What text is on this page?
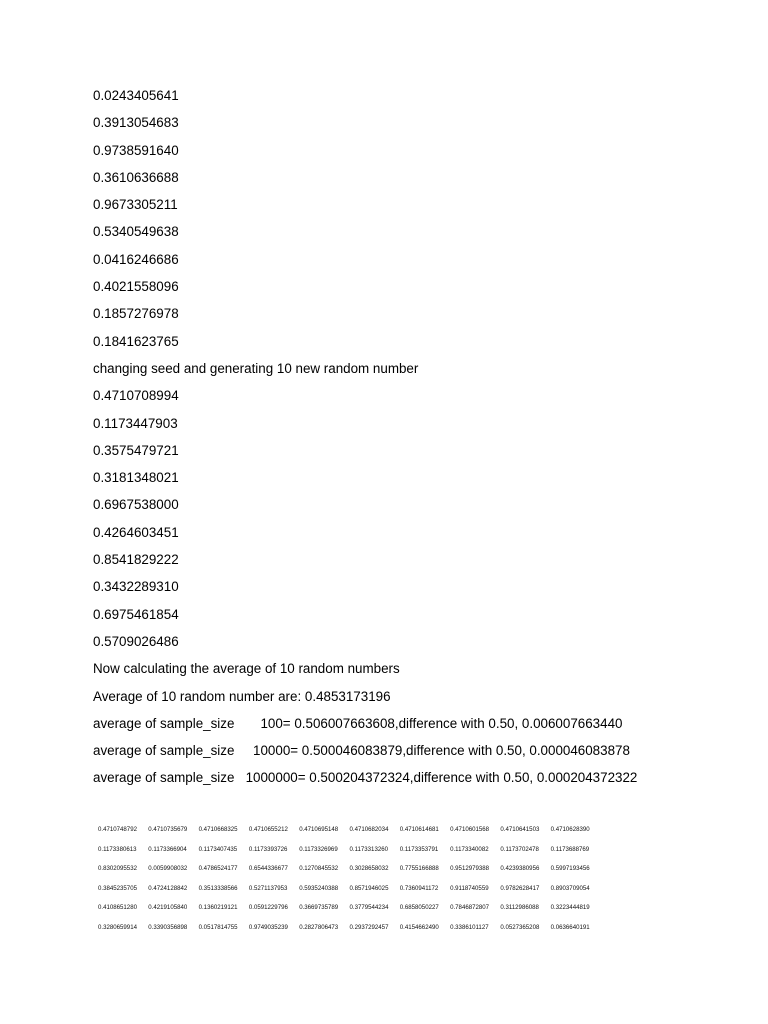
0.0243405641
0.3913054683
0.9738591640
0.3610636688
0.9673305211
0.5340549638
0.0416246686
0.4021558096
0.1857276978
0.1841623765
changing seed and generating 10 new random number
0.4710708994
0.1173447903
0.3575479721
0.3181348021
0.6967538000
0.4264603451
0.8541829222
0.3432289310
0.6975461854
0.5709026486
Now calculating the average of 10 random numbers
Average of 10 random number are: 0.4853173196
average of sample_size       100= 0.506007663608,difference with 0.50, 0.006007663440
average of sample_size     10000= 0.500046083879,difference with 0.50, 0.000046083878
average of sample_size   1000000= 0.500204372324,difference with 0.50, 0.000204372322
0.4710748792	0.4710735679	0.4710668325	0.4710655212	0.4710695148	0.4710682034	0.4710614681	0.4710601568	0.4710641503	0.4710628390
0.1173380613	0.1173366904	0.1173407435	0.1173393726	0.1173326969	0.1173313260	0.1173353791	0.1173340082	0.1173702478	0.1173688769
0.8302095532	0.0059908032	0.4786524177	0.6544336677	0.1270845532	0.3028658032	0.7755166888	0.9512979388	0.4239380956	0.5997193456
0.3845235705	0.4724128842	0.3513338566	0.5271137953	0.5935240388	0.8571946025	0.7360941172	0.9118740559	0.9782628417	0.8903709054
0.4108651280	0.4219105840	0.1360219121	0.0591229796	0.3669735789	0.3779544234	0.6858050227	0.7846872807	0.3112986088	0.3223444819
0.3280659914	0.3390356898	0.0517814755	0.9749035239	0.2827806473	0.2937292457	0.4154662490	0.3386101127	0.0527365208	0.0636640191
